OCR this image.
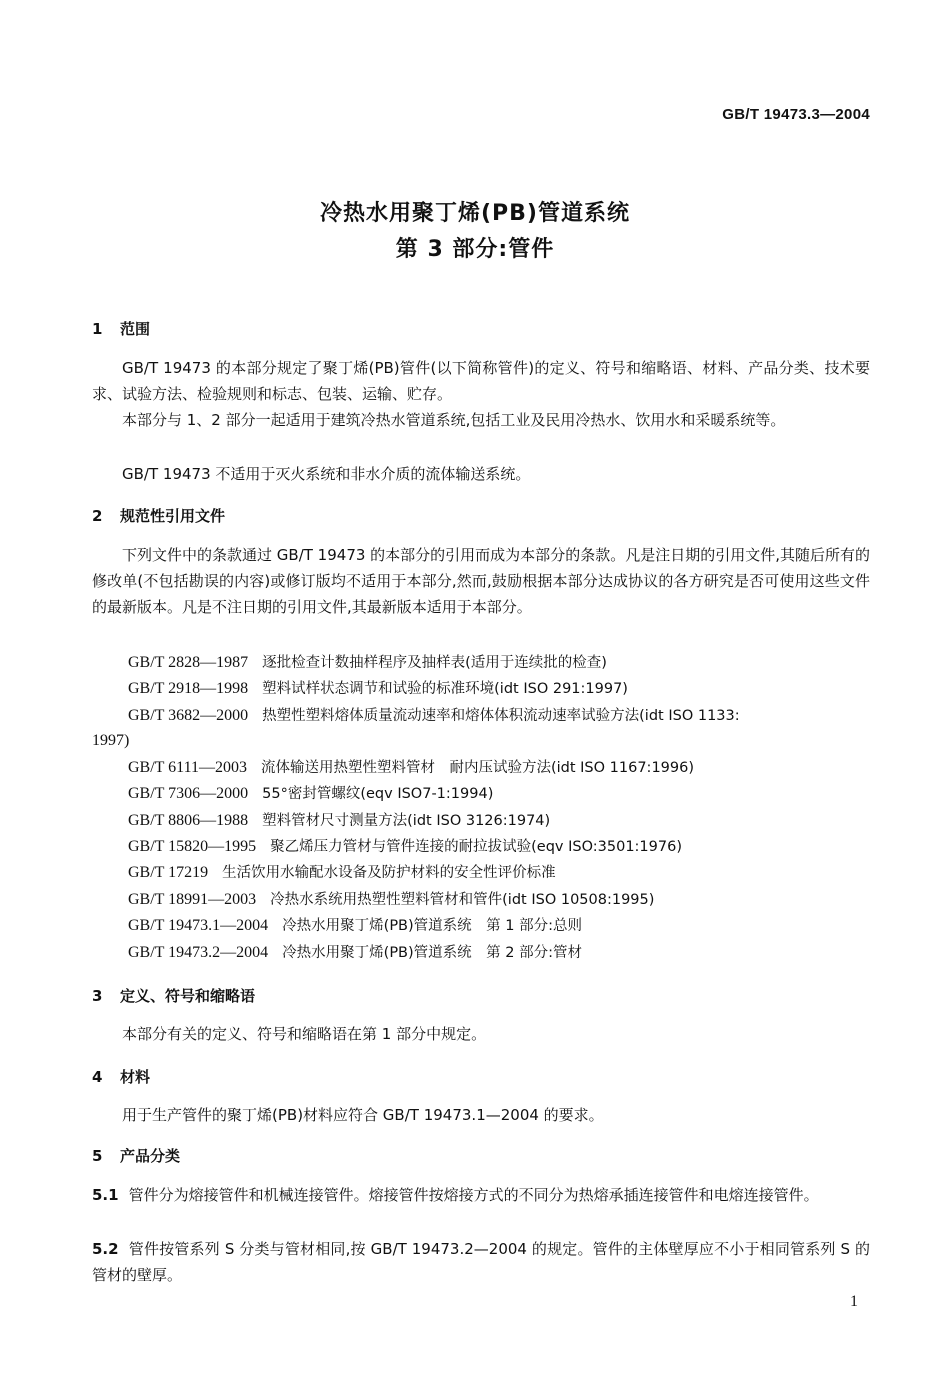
GB/T 19473.3—2004
冷热水用聚丁烯(PB)管道系统
第 3 部分:管件
1 范围
GB/T 19473 的本部分规定了聚丁烯(PB)管件(以下简称管件)的定义、符号和缩略语、材料、产品分类、技术要求、试验方法、检验规则和标志、包装、运输、贮存。
本部分与 1、2 部分一起适用于建筑冷热水管道系统,包括工业及民用冷热水、饮用水和采暖系统等。
GB/T 19473 不适用于灭火系统和非水介质的流体输送系统。
2 规范性引用文件
下列文件中的条款通过 GB/T 19473 的本部分的引用而成为本部分的条款。凡是注日期的引用文件,其随后所有的修改单(不包括勘误的内容)或修订版均不适用于本部分,然而,鼓励根据本部分达成协议的各方研究是否可使用这些文件的最新版本。凡是不注日期的引用文件,其最新版本适用于本部分。
GB/T 2828—1987 逐批检查计数抽样程序及抽样表(适用于连续批的检查)
GB/T 2918—1998 塑料试样状态调节和试验的标准环境(idt ISO 291:1997)
GB/T 3682—2000 热塑性塑料熔体质量流动速率和熔体体积流动速率试验方法(idt ISO 1133:
1997)
GB/T 6111—2003 流体输送用热塑性塑料管材　耐内压试验方法(idt ISO 1167:1996)
GB/T 7306—2000 55°密封管螺纹(eqv ISO7-1:1994)
GB/T 8806—1988 塑料管材尺寸测量方法(idt ISO 3126:1974)
GB/T 15820—1995 聚乙烯压力管材与管件连接的耐拉拔试验(eqv ISO:3501:1976)
GB/T 17219 生活饮用水输配水设备及防护材料的安全性评价标准
GB/T 18991—2003 冷热水系统用热塑性塑料管材和管件(idt ISO 10508:1995)
GB/T 19473.1—2004 冷热水用聚丁烯(PB)管道系统　第 1 部分:总则
GB/T 19473.2—2004 冷热水用聚丁烯(PB)管道系统　第 2 部分:管材
3 定义、符号和缩略语
本部分有关的定义、符号和缩略语在第 1 部分中规定。
4 材料
用于生产管件的聚丁烯(PB)材料应符合 GB/T 19473.1—2004 的要求。
5 产品分类
5.1 管件分为熔接管件和机械连接管件。熔接管件按熔接方式的不同分为热熔承插连接管件和电熔连接管件。
5.2 管件按管系列 S 分类与管材相同,按 GB/T 19473.2—2004 的规定。管件的主体壁厚应不小于相同管系列 S 的管材的壁厚。
1
